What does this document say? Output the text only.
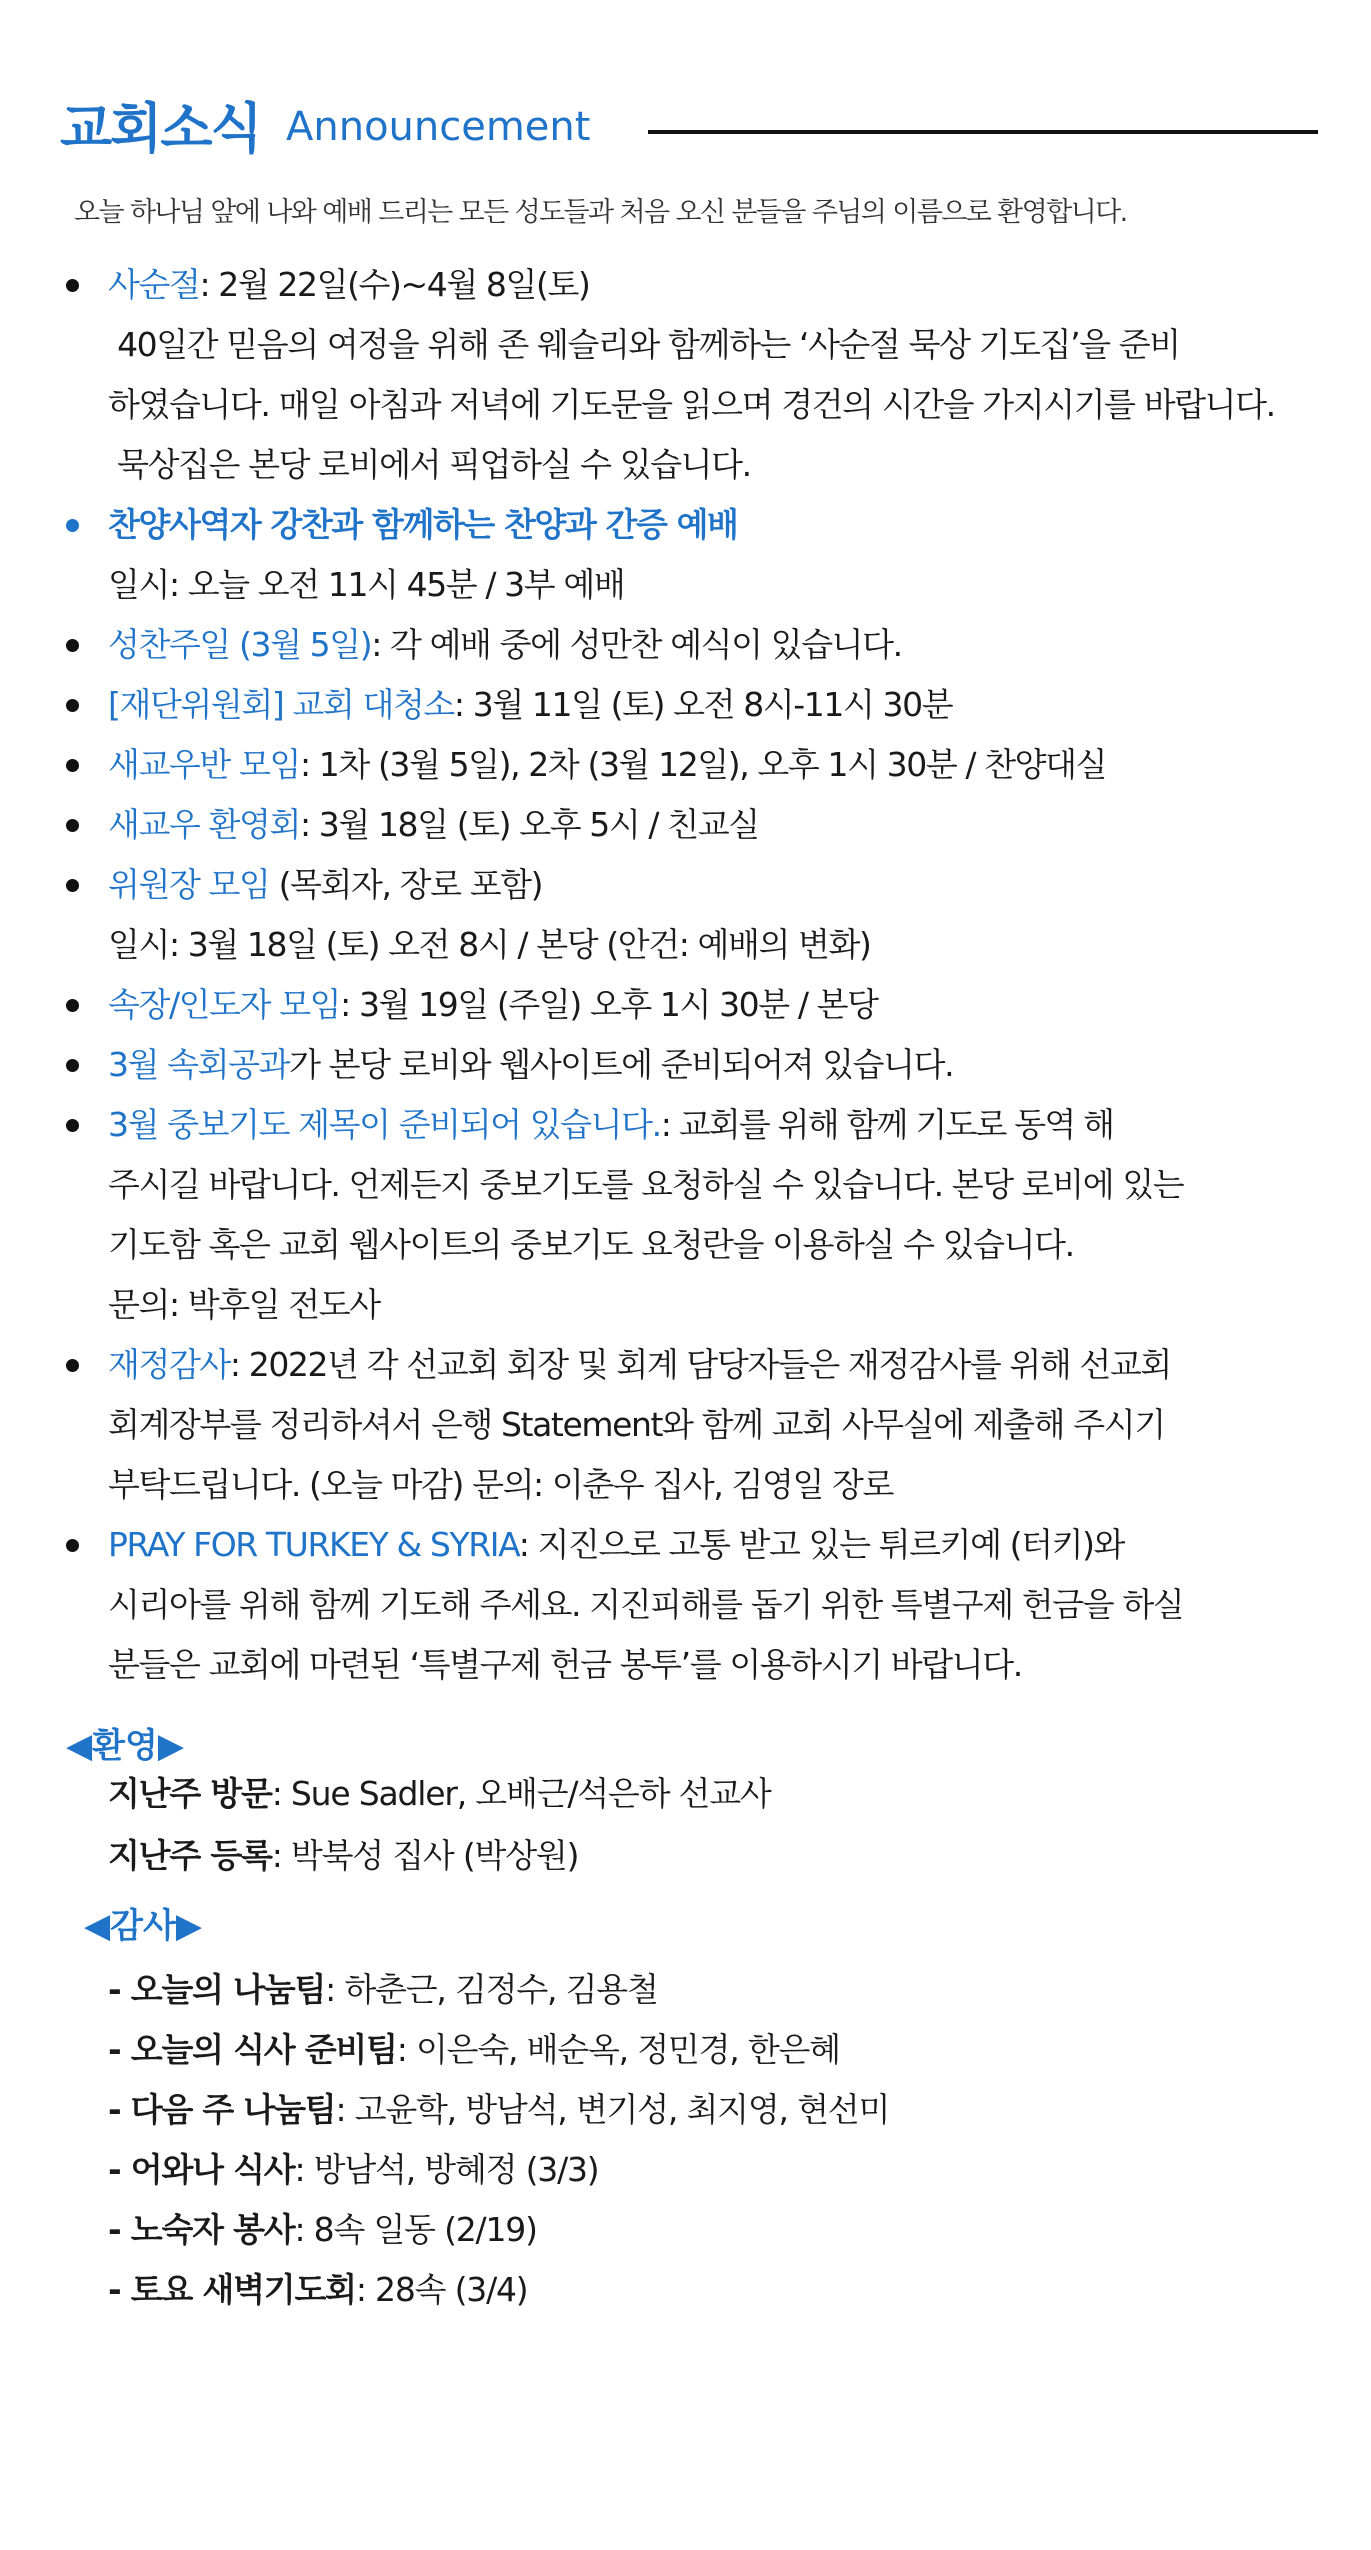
교회소식 Announcement
오늘 하나님 앞에 나와 예배 드리는 모든 성도들과 처음 오신 분들을 주님의 이름으로 환영합니다.
사순절: 2월 22일(수)~4월 8일(토)
40일간 믿음의 여정을 위해 존 웨슬리와 함께하는 ‘사순절 묵상 기도집’을 준비
하였습니다. 매일 아침과 저녁에 기도문을 읽으며 경건의 시간을 가지시기를 바랍니다.
묵상집은 본당 로비에서 픽업하실 수 있습니다.
찬양사역자 강찬과 함께하는 찬양과 간증 예배
일시: 오늘 오전 11시 45분 / 3부 예배
성찬주일 (3월 5일): 각 예배 중에 성만찬 예식이 있습니다.
[재단위원회] 교회 대청소: 3월 11일 (토) 오전 8시-11시 30분
새교우반 모임: 1차 (3월 5일), 2차 (3월 12일), 오후 1시 30분 / 찬양대실
새교우 환영회: 3월 18일 (토) 오후 5시 / 친교실
위원장 모임 (목회자, 장로 포함)
일시: 3월 18일 (토) 오전 8시 / 본당 (안건: 예배의 변화)
속장/인도자 모임: 3월 19일 (주일) 오후 1시 30분 / 본당
3월 속회공과가 본당 로비와 웹사이트에 준비되어져 있습니다.
3월 중보기도 제목이 준비되어 있습니다.: 교회를 위해 함께 기도로 동역 해
주시길 바랍니다. 언제든지 중보기도를 요청하실 수 있습니다. 본당 로비에 있는
기도함 혹은 교회 웹사이트의 중보기도 요청란을 이용하실 수 있습니다.
문의: 박후일 전도사
재정감사: 2022년 각 선교회 회장 및 회계 담당자들은 재정감사를 위해 선교회
회계장부를 정리하셔서 은행 Statement와 함께 교회 사무실에 제출해 주시기
부탁드립니다. (오늘 마감) 문의: 이춘우 집사, 김영일 장로
PRAY FOR TURKEY & SYRIA: 지진으로 고통 받고 있는 튀르키예 (터키)와
시리아를 위해 함께 기도해 주세요. 지진피해를 돕기 위한 특별구제 헌금을 하실
분들은 교회에 마련된 ‘특별구제 헌금 봉투’를 이용하시기 바랍니다.
◀환영▶
지난주 방문: Sue Sadler, 오배근/석은하 선교사
지난주 등록: 박북성 집사 (박상원)
◀감사▶
- 오늘의 나눔팀: 하춘근, 김정수, 김용철
- 오늘의 식사 준비팀: 이은숙, 배순옥, 정민경, 한은혜
- 다음 주 나눔팀: 고윤학, 방남석, 변기성, 최지영, 현선미
- 어와나 식사: 방남석, 방혜정 (3/3)
- 노숙자 봉사: 8속 일동 (2/19)
- 토요 새벽기도회: 28속 (3/4)
